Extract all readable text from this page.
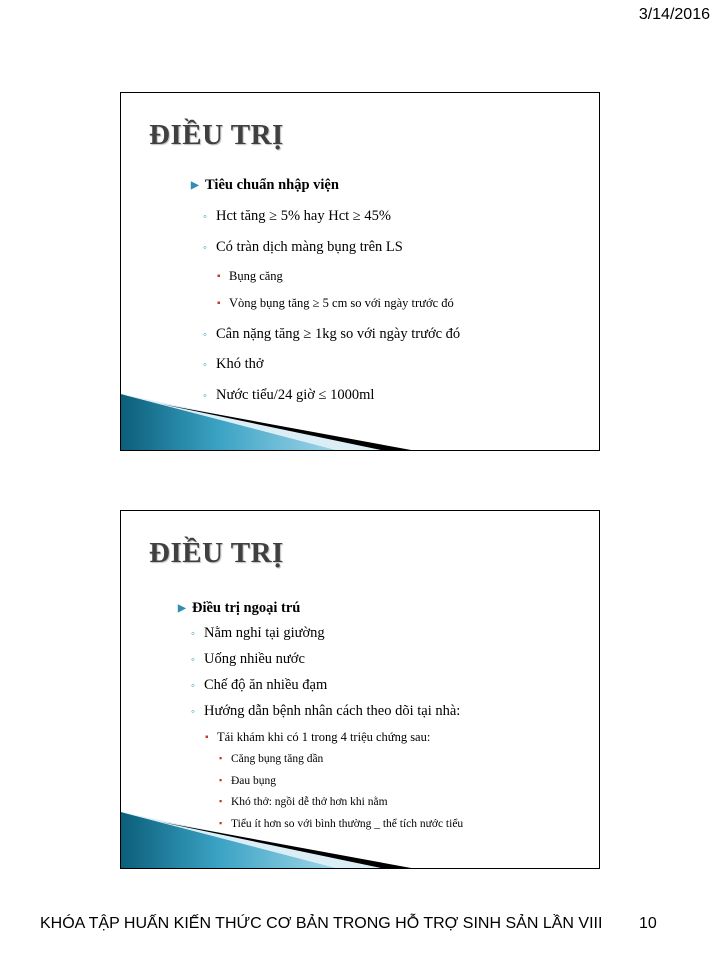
3/14/2016
ĐIỀU TRỊ
▶ Tiêu chuẩn nhập viện
◦ Hct tăng ≥ 5% hay Hct ≥ 45%
◦ Có tràn dịch màng bụng trên LS
▪ Bụng căng
▪ Vòng bụng tăng ≥ 5 cm so với ngày trước đó
◦ Cân nặng tăng ≥ 1kg so với ngày trước đó
◦ Khó thở
◦ Nước tiểu/24 giờ ≤ 1000ml
ĐIỀU TRỊ
▶ Điều trị ngoại trú
◦ Nằm nghỉ tại giường
◦ Uống nhiều nước
◦ Chế độ ăn nhiều đạm
◦ Hướng dẫn bệnh nhân cách theo dõi tại nhà:
▪ Tái khám khi có 1 trong 4 triệu chứng sau:
▪ Căng bụng tăng dần
▪ Đau bụng
▪ Khó thở: ngồi dễ thở hơn khi nằm
▪ Tiểu ít hơn so với bình thường _ thể tích nước tiểu
KHÓA TẬP HUẤN KIẾN THỨC CƠ BẢN TRONG HỖ TRỢ SINH SẢN LẦN VIII 10
